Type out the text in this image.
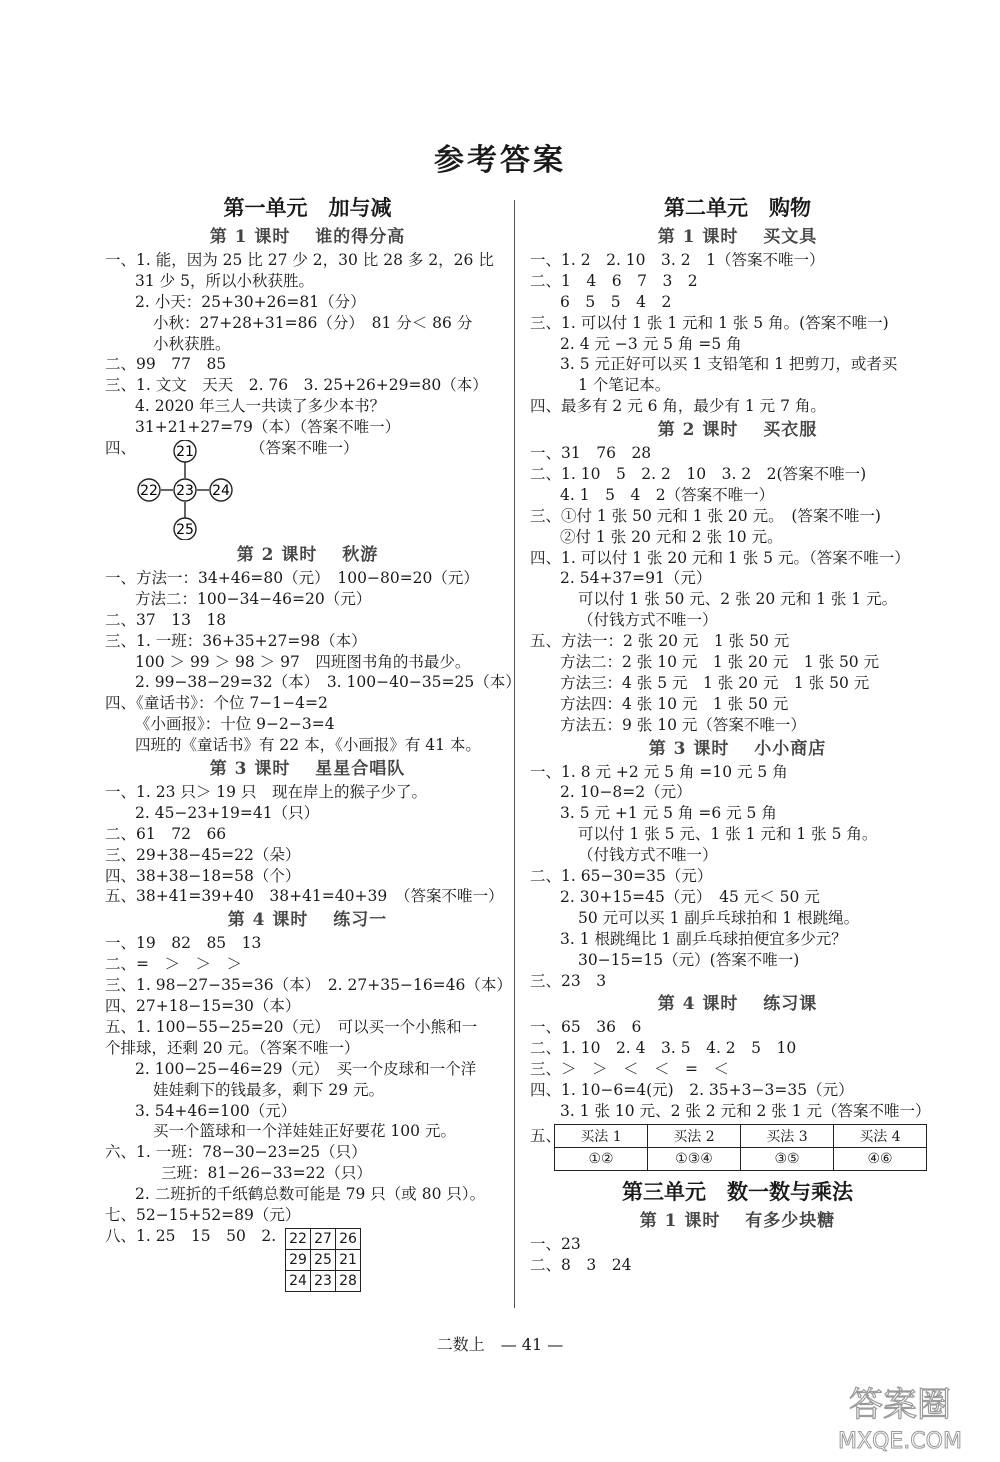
参考答案
第一单元　加与减
第 1 课时　 谁的得分高
一、1. 能，因为 25 比 27 少 2，30 比 28 多 2，26 比
31 少 5，所以小秋获胜。
2. 小天：25+30+26=81（分）
小秋：27+28+31=86（分）　81 分＜ 86 分
小秋获胜。
二、99　77　85
三、1. 文文　天天　2. 76　3. 25+26+29=80（本）
4. 2020 年三人一共读了多少本书？
31+21+27=79（本）（答案不唯一）
四、	（答案不唯一）
21
22 23 24
25
第 2 课时　 秋游
一、方法一：34+46=80（元）　100−80=20（元）
方法二：100−34−46=20（元）
二、37　13　18
三、1. 一班：36+35+27=98（本）
100 ＞ 99 ＞ 98 ＞ 97　四班图书角的书最少。
2. 99−38−29=32（本）　3. 100−40−35=25（本）
四、《童话书》：个位 7−1−4=2
《小画报》：十位 9−2−3=4
四班的《童话书》有 22 本，《小画报》有 41 本。
第 3 课时　 星星合唱队
一、1. 23 只＞ 19 只　现在岸上的猴子少了。
2. 45−23+19=41（只）
二、61　72　66
三、29+38−45=22（朵）
四、38+38−18=58（个）
五、38+41=39+40　38+41=40+39　（答案不唯一）
第 4 课时　 练习一
一、19　82　85　13
二、=　＞　＞　＞
三、1. 98−27−35=36（本）　2. 27+35−16=46（本）
四、27+18−15=30（本）
五、1. 100−55−25=20（元）　可以买一个小熊和一
个排球，还剩 20 元。（答案不唯一）
2. 100−25−46=29（元）　买一个皮球和一个洋
娃娃剩下的钱最多，剩下 29 元。
3. 54+46=100（元）
买一个篮球和一个洋娃娃正好要花 100 元。
六、1. 一班：78−30−23=25（只）
三班：81−26−33=22（只）
2. 二班折的千纸鹤总数可能是 79 只（或 80 只）。
七、52−15+52=89（元）
八、1. 25　15　50　2. 22	27	26
29	25	21
24	23	28
第二单元　购物
第 1 课时　 买文具
一、1. 2　2. 10　3. 2　1（答案不唯一）
二、1　4　6　7　3　2
6　5　5　4　2
三、1. 可以付 1 张 1 元和 1 张 5 角。(答案不唯一)
2. 4 元 −3 元 5 角 =5 角
3. 5 元正好可以买 1 支铅笔和 1 把剪刀，或者买
1 个笔记本。
四、最多有 2 元 6 角，最少有 1 元 7 角。
第 2 课时　 买衣服
一、31　76　28
二、1. 10　5　2. 2　10　3. 2　2(答案不唯一)
4. 1　5　4　2（答案不唯一）
三、①付 1 张 50 元和 1 张 20 元。　(答案不唯一)
②付 1 张 20 元和 2 张 10 元。
四、1. 可以付 1 张 20 元和 1 张 5 元。（答案不唯一）
2. 54+37=91（元）
可以付 1 张 50 元、2 张 20 元和 1 张 1 元。
（付钱方式不唯一）
五、方法一：2 张 20 元　1 张 50 元
方法二：2 张 10 元　1 张 20 元　1 张 50 元
方法三：4 张 5 元　1 张 20 元　1 张 50 元
方法四：4 张 10 元　1 张 50 元
方法五：9 张 10 元（答案不唯一）
第 3 课时　 小小商店
一、1. 8 元 +2 元 5 角 =10 元 5 角
2. 10−8=2（元）
3. 5 元 +1 元 5 角 =6 元 5 角
可以付 1 张 5 元、1 张 1 元和 1 张 5 角。
（付钱方式不唯一）
二、1. 65−30=35（元）
2. 30+15=45（元）　45 元＜ 50 元
50 元可以买 1 副乒乓球拍和 1 根跳绳。
3. 1 根跳绳比 1 副乒乓球拍便宜多少元？
30−15=15（元）(答案不唯一)
三、23　3
第 4 课时　 练习课
一、65　36　6
二、1. 10　2. 4　3. 5　4. 2　5　10
三、＞　＞　＜　＜　=　＜
四、1. 10−6=4(元)　2. 35+3−3=35（元）
3. 1 张 10 元、2 张 2 元和 2 张 1 元（答案不唯一）
五、 买法 1	买法 2	买法 3	买法 4
①②	①③④	③⑤	④⑥
第三单元　数一数与乘法
第 1 课时　 有多少块糖
一、23
二、8　3　24
二数上　— 41 —
答案圈
MXQE.COM
